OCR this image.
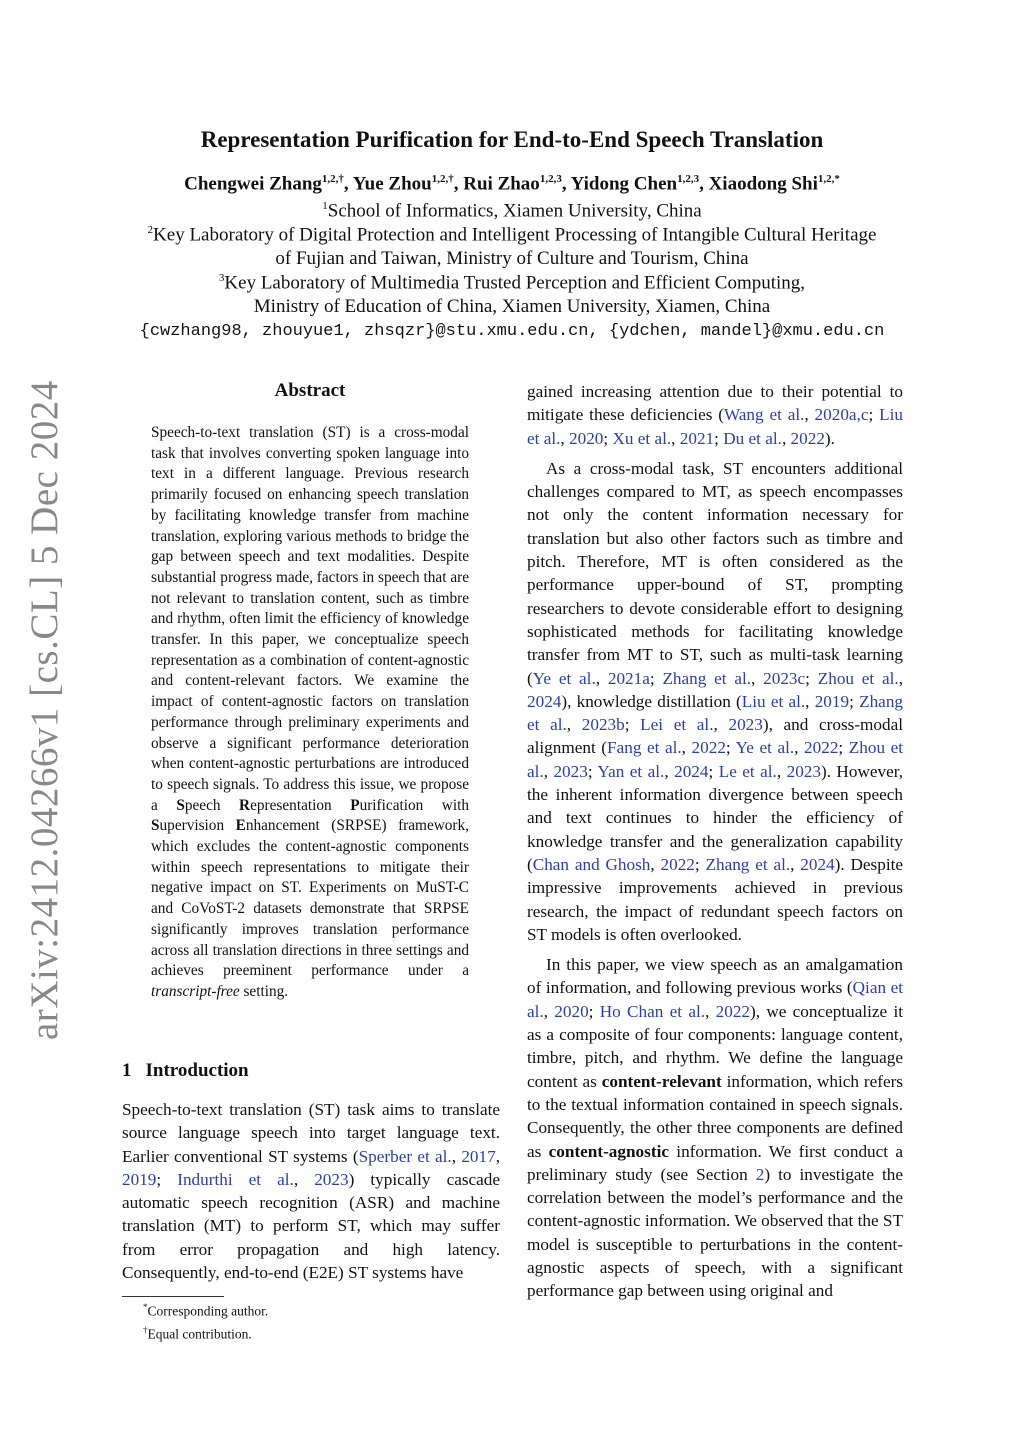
arXiv:2412.04266v1 [cs.CL] 5 Dec 2024
Representation Purification for End-to-End Speech Translation
Chengwei Zhang$^{1,2,\dagger}$, Yue Zhou$^{1,2,\dagger}$, Rui Zhao$^{1,2,3}$, Yidong Chen$^{1,2,3}$, Xiaodong Shi$^{1,2,*}$
$^1$School of Informatics, Xiamen University, China
$^2$Key Laboratory of Digital Protection and Intelligent Processing of Intangible Cultural Heritage
of Fujian and Taiwan, Ministry of Culture and Tourism, China
$^3$Key Laboratory of Multimedia Trusted Perception and Efficient Computing,
Ministry of Education of China, Xiamen University, Xiamen, China
{cwzhang98, zhouyue1, zhsqzr}@stu.xmu.edu.cn, {ydchen, mandel}@xmu.edu.cn
Abstract
Speech-to-text translation (ST) is a cross-modal task that involves converting spoken language into text in a different language. Previous research primarily focused on enhancing speech translation by facilitating knowledge transfer from machine translation, exploring various methods to bridge the gap between speech and text modalities. Despite substantial progress made, factors in speech that are not relevant to translation content, such as timbre and rhythm, often limit the efficiency of knowledge transfer. In this paper, we conceptualize speech representation as a combination of content-agnostic and content-relevant factors. We examine the impact of content-agnostic factors on translation performance through preliminary experiments and observe a significant performance deterioration when content-agnostic perturbations are introduced to speech signals. To address this issue, we propose a Speech Representation Purification with Supervision Enhancement (SRPSE) framework, which excludes the content-agnostic components within speech representations to mitigate their negative impact on ST. Experiments on MuST-C and CoVoST-2 datasets demonstrate that SRPSE significantly improves translation performance across all translation directions in three settings and achieves preeminent performance under a transcript-free setting.
1 Introduction
Speech-to-text translation (ST) task aims to translate source language speech into target language text. Earlier conventional ST systems (Sperber et al., 2017, 2019; Indurthi et al., 2023) typically cascade automatic speech recognition (ASR) and machine translation (MT) to perform ST, which may suffer from error propagation and high latency. Consequently, end-to-end (E2E) ST systems have
*Corresponding author.
†Equal contribution.

gained increasing attention due to their potential to mitigate these deficiencies (Wang et al., 2020a,c; Liu et al., 2020; Xu et al., 2021; Du et al., 2022).

As a cross-modal task, ST encounters additional challenges compared to MT, as speech encompasses not only the content information necessary for translation but also other factors such as timbre and pitch. Therefore, MT is often considered as the performance upper-bound of ST, prompting researchers to devote considerable effort to designing sophisticated methods for facilitating knowledge transfer from MT to ST, such as multi-task learning (Ye et al., 2021a; Zhang et al., 2023c; Zhou et al., 2024), knowledge distillation (Liu et al., 2019; Zhang et al., 2023b; Lei et al., 2023), and cross-modal alignment (Fang et al., 2022; Ye et al., 2022; Zhou et al., 2023; Yan et al., 2024; Le et al., 2023). However, the inherent information divergence between speech and text continues to hinder the efficiency of knowledge transfer and the generalization capability (Chan and Ghosh, 2022; Zhang et al., 2024). Despite impressive improvements achieved in previous research, the impact of redundant speech factors on ST models is often overlooked.

In this paper, we view speech as an amalgamation of information, and following previous works (Qian et al., 2020; Ho Chan et al., 2022), we conceptualize it as a composite of four components: language content, timbre, pitch, and rhythm. We define the language content as content-relevant information, which refers to the textual information contained in speech signals. Consequently, the other three components are defined as content-agnostic information. We first conduct a preliminary study (see Section 2) to investigate the correlation between the model’s performance and the content-agnostic information. We observed that the ST model is susceptible to perturbations in the content-agnostic aspects of speech, with a significant performance gap between using original and
